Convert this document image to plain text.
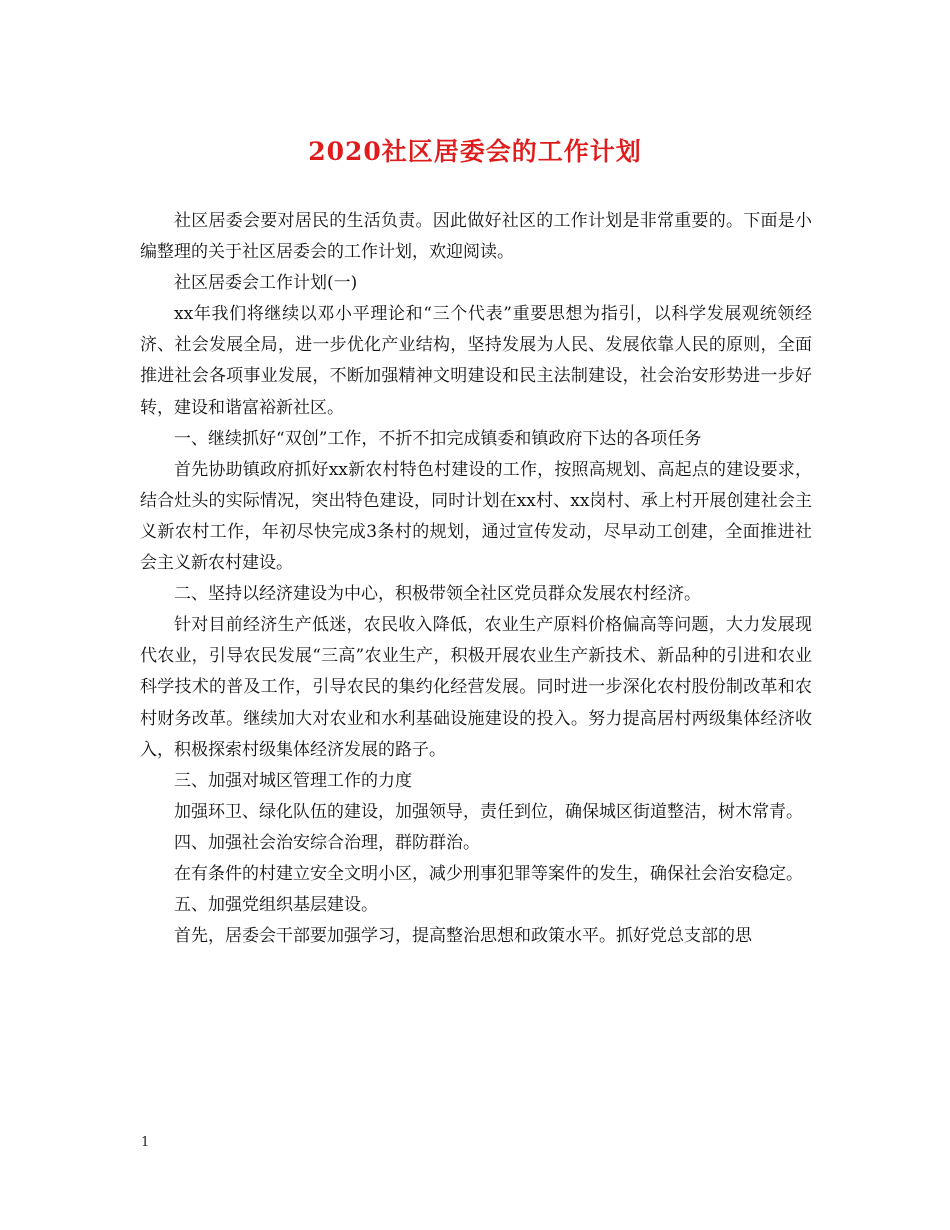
2020社区居委会的工作计划

社区居委会要对居民的生活负责。因此做好社区的工作计划是非常重要的。下面是小编整理的关于社区居委会的工作计划，欢迎阅读。

社区居委会工作计划(一)

xx年我们将继续以邓小平理论和“三个代表”重要思想为指引，以科学发展观统领经济、社会发展全局，进一步优化产业结构，坚持发展为人民、发展依靠人民的原则，全面推进社会各项事业发展，不断加强精神文明建设和民主法制建设，社会治安形势进一步好转，建设和谐富裕新社区。

一、继续抓好“双创”工作，不折不扣完成镇委和镇政府下达的各项任务

首先协助镇政府抓好xx新农村特色村建设的工作，按照高规划、高起点的建设要求，结合灶头的实际情况，突出特色建设，同时计划在xx村、xx岗村、承上村开展创建社会主义新农村工作，年初尽快完成3条村的规划，通过宣传发动，尽早动工创建，全面推进社会主义新农村建设。

二、坚持以经济建设为中心，积极带领全社区党员群众发展农村经济。

针对目前经济生产低迷，农民收入降低，农业生产原料价格偏高等问题，大力发展现代农业，引导农民发展“三高”农业生产，积极开展农业生产新技术、新品种的引进和农业科学技术的普及工作，引导农民的集约化经营发展。同时进一步深化农村股份制改革和农村财务改革。继续加大对农业和水利基础设施建设的投入。努力提高居村两级集体经济收入，积极探索村级集体经济发展的路子。

三、加强对城区管理工作的力度

加强环卫、绿化队伍的建设，加强领导，责任到位，确保城区街道整洁，树木常青。

四、加强社会治安综合治理，群防群治。

在有条件的村建立安全文明小区，减少刑事犯罪等案件的发生，确保社会治安稳定。

五、加强党组织基层建设。

首先，居委会干部要加强学习，提高整治思想和政策水平。抓好党总支部的思

1
